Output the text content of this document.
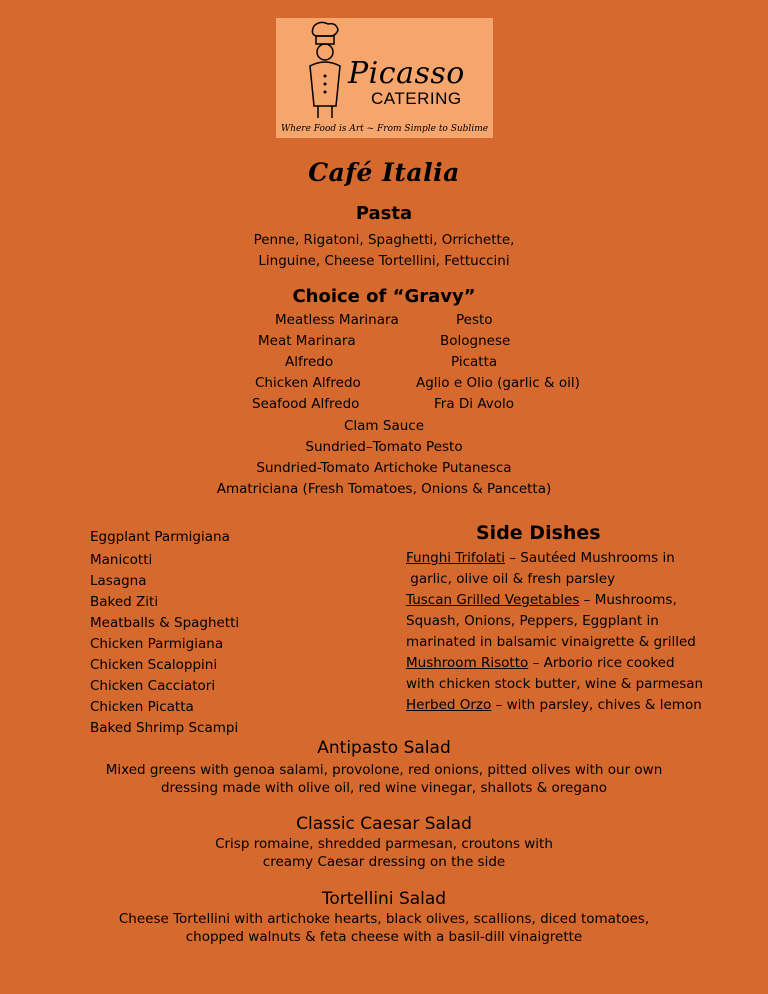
Picasso
CATERING
Where Food is Art ~ From Simple to Sublime
Café Italia
Pasta
Penne, Rigatoni, Spaghetti, Orrichette,
Linguine, Cheese Tortellini, Fettuccini
Choice of “Gravy”
Meatless Marinara	Pesto
Meat Marinara	Bolognese
Alfredo	Picatta
Chicken Alfredo	Aglio e Olio (garlic & oil)
Seafood Alfredo	Fra Di Avolo
Clam Sauce
Sundried–Tomato Pesto
Sundried-Tomato Artichoke Putanesca
Amatriciana (Fresh Tomatoes, Onions & Pancetta)
Eggplant Parmigiana
Manicotti
Lasagna
Baked Ziti
Meatballs & Spaghetti
Chicken Parmigiana
Chicken Scaloppini
Chicken Cacciatori
Chicken Picatta
Baked Shrimp Scampi
Side Dishes
Funghi Trifolati – Sautéed Mushrooms in
garlic, olive oil & fresh parsley
Tuscan Grilled Vegetables – Mushrooms,
Squash, Onions, Peppers, Eggplant in
marinated in balsamic vinaigrette & grilled
Mushroom Risotto – Arborio rice cooked
with chicken stock butter, wine & parmesan
Herbed Orzo – with parsley, chives & lemon
Antipasto Salad
Mixed greens with genoa salami, provolone, red onions, pitted olives with our own
dressing made with olive oil, red wine vinegar, shallots & oregano
Classic Caesar Salad
Crisp romaine, shredded parmesan, croutons with
creamy Caesar dressing on the side
Tortellini Salad
Cheese Tortellini with artichoke hearts, black olives, scallions, diced tomatoes,
chopped walnuts & feta cheese with a basil-dill vinaigrette
